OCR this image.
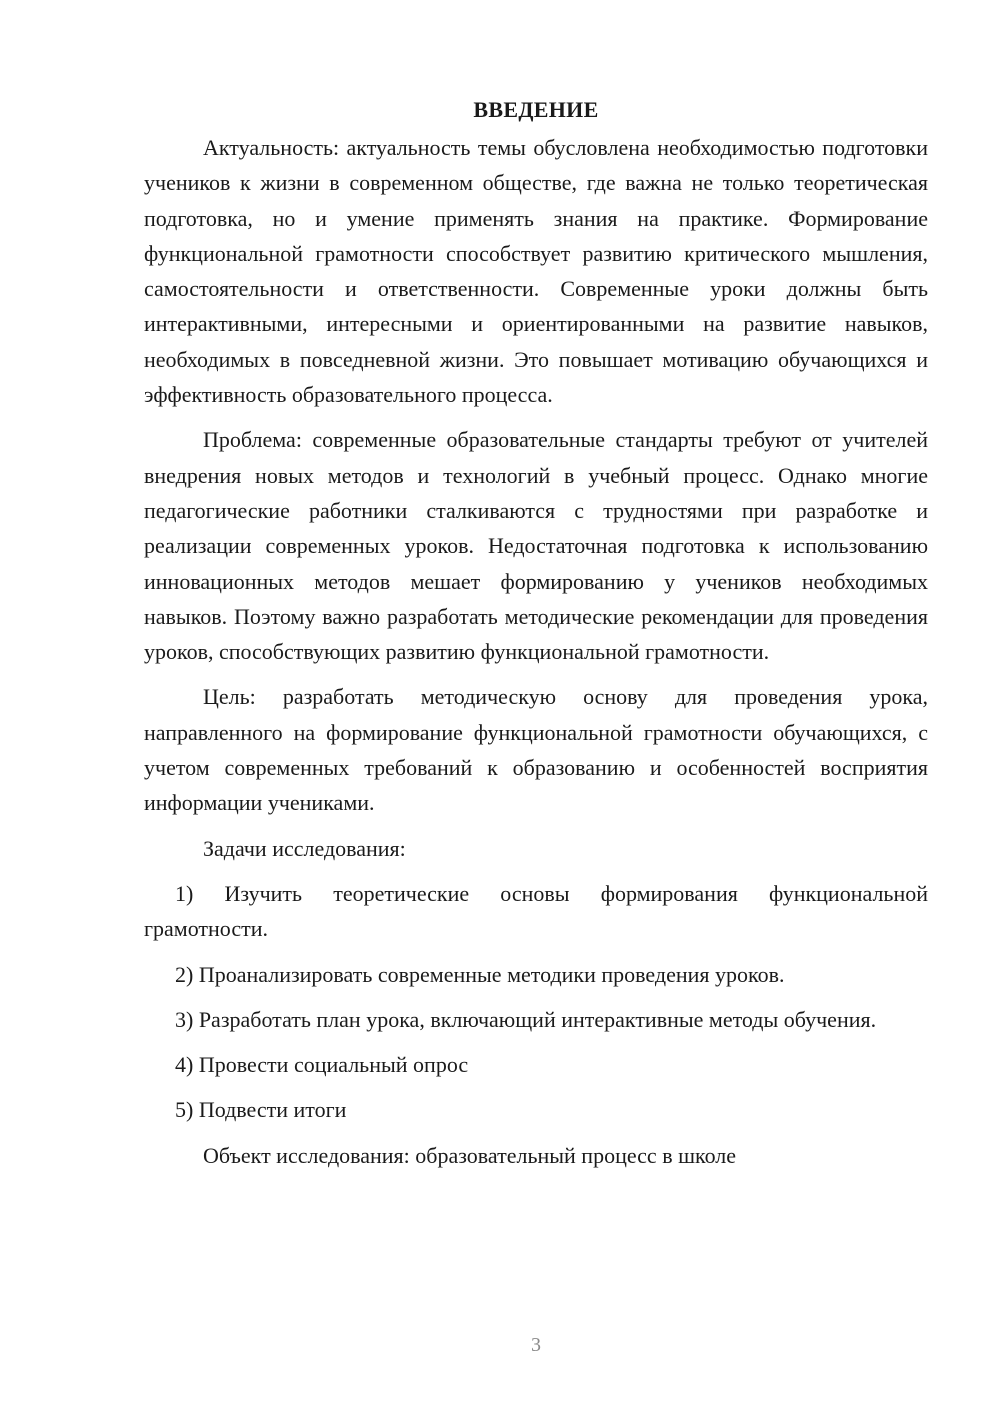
ВВЕДЕНИЕ

Актуальность: актуальность темы обусловлена необходимостью подготовки учеников к жизни в современном обществе, где важна не только теоретическая подготовка, но и умение применять знания на практике. Формирование функциональной грамотности способствует развитию критического мышления, самостоятельности и ответственности. Современные уроки должны быть интерактивными, интересными и ориентированными на развитие навыков, необходимых в повседневной жизни. Это повышает мотивацию обучающихся и эффективность образовательного процесса.

Проблема: современные образовательные стандарты требуют от учителей внедрения новых методов и технологий в учебный процесс. Однако многие педагогические работники сталкиваются с трудностями при разработке и реализации современных уроков. Недостаточная подготовка к использованию инновационных методов мешает формированию у учеников необходимых навыков. Поэтому важно разработать методические рекомендации для проведения уроков, способствующих развитию функциональной грамотности.

Цель: разработать методическую основу для проведения урока, направленного на формирование функциональной грамотности обучающихся, с учетом современных требований к образованию и особенностей восприятия информации учениками.

Задачи исследования:

1) Изучить теоретические основы формирования функциональной грамотности.

2) Проанализировать современные методики проведения уроков.

3) Разработать план урока, включающий интерактивные методы обучения.

4) Провести социальный опрос

5) Подвести итоги

Объект исследования: образовательный процесс в школе

3
